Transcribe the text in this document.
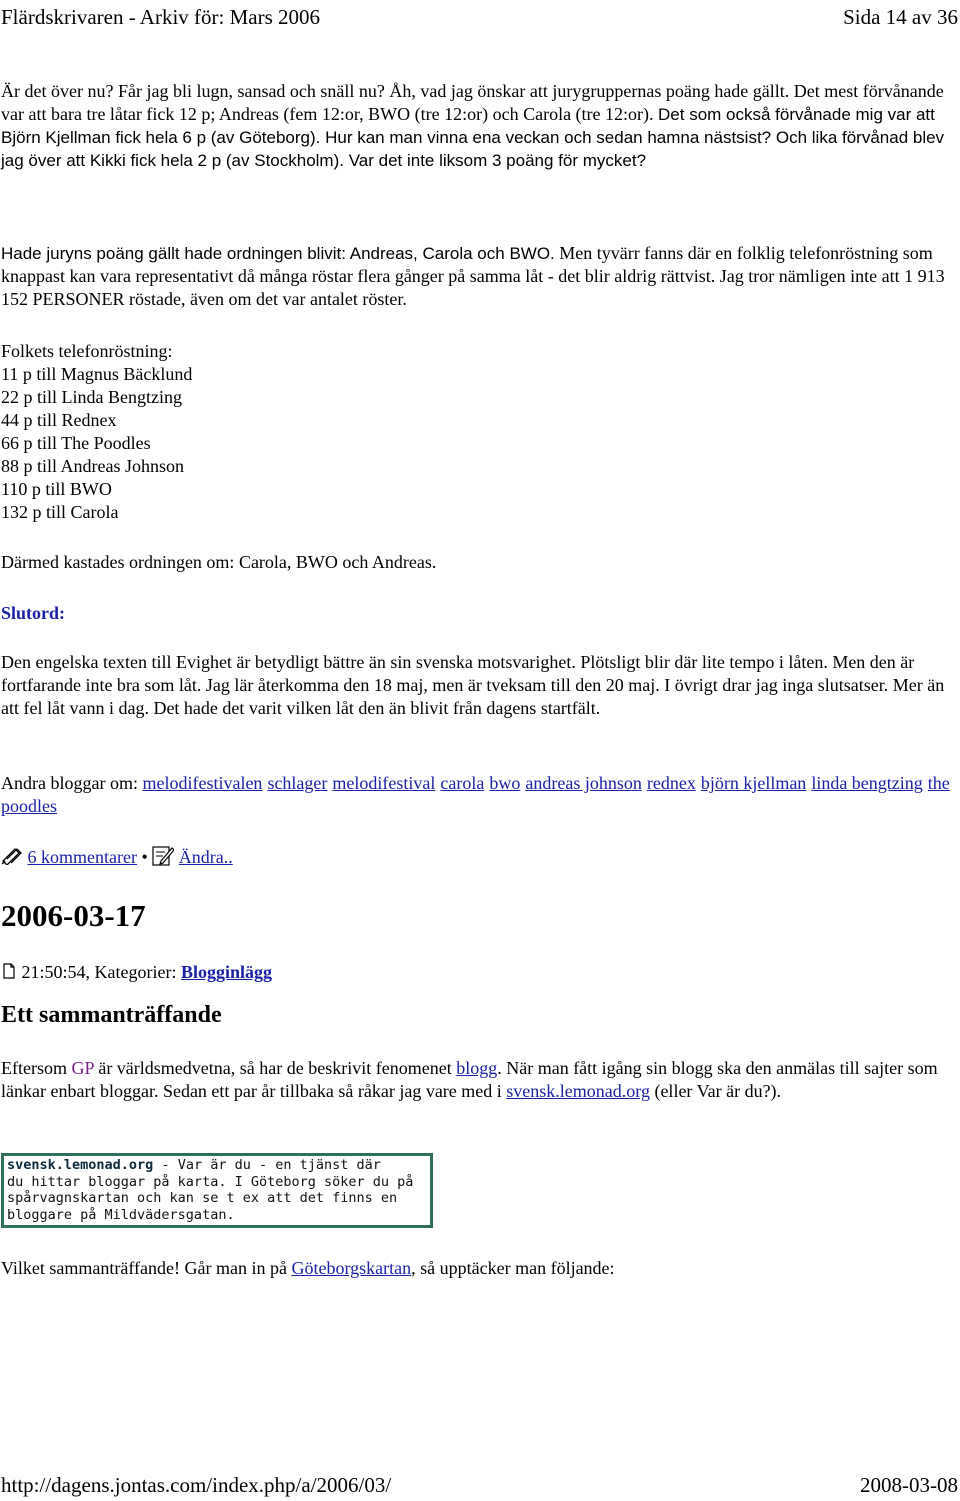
Flärdskrivaren - Arkiv för: Mars 2006	Sida 14 av 36

Är det över nu? Får jag bli lugn, sansad och snäll nu? Åh, vad jag önskar att jurygruppernas poäng hade gällt. Det mest förvånande var att bara tre låtar fick 12 p; Andreas (fem 12:or, BWO (tre 12:or) och Carola (tre 12:or). Det som också förvånade mig var att Björn Kjellman fick hela 6 p (av Göteborg). Hur kan man vinna ena veckan och sedan hamna nästsist? Och lika förvånad blev jag över att Kikki fick hela 2 p (av Stockholm). Var det inte liksom 3 poäng för mycket?

Hade juryns poäng gällt hade ordningen blivit: Andreas, Carola och BWO. Men tyvärr fanns där en folklig telefonröstning som knappast kan vara representativt då många röstar flera gånger på samma låt - det blir aldrig rättvist. Jag tror nämligen inte att 1 913 152 PERSONER röstade, även om det var antalet röster.

Folkets telefonröstning:
11 p till Magnus Bäcklund
22 p till Linda Bengtzing
44 p till Rednex
66 p till The Poodles
88 p till Andreas Johnson
110 p till BWO
132 p till Carola
Därmed kastades ordningen om: Carola, BWO och Andreas.
Slutord:

Den engelska texten till Evighet är betydligt bättre än sin svenska motsvarighet. Plötsligt blir där lite tempo i låten. Men den är fortfarande inte bra som låt. Jag lär återkomma den 18 maj, men är tveksam till den 20 maj. I övrigt drar jag inga slutsatser. Mer än att fel låt vann i dag. Det hade det varit vilken låt den än blivit från dagens startfält.

Andra bloggar om: melodifestivalen schlager melodifestival carola bwo andreas johnson rednex björn kjellman linda bengtzing the poodles

6 kommentarer • Ändra..
2006-03-17
21:50:54, Kategorier: Blogginlägg
Ett sammanträffande

Eftersom GP är världsmedvetna, så har de beskrivit fenomenet blogg. När man fått igång sin blogg ska den anmälas till sajter som länkar enbart bloggar. Sedan ett par år tillbaka så råkar jag vare med i svensk.lemonad.org (eller Var är du?).

svensk.lemonad.org - Var är du - en tjänst där
du hittar bloggar på karta. I Göteborg söker du på
spårvagnskartan och kan se t ex att det finns en
bloggare på Mildvädersgatan.

Vilket sammanträffande! Går man in på Göteborgskartan, så upptäcker man följande:

http://dagens.jontas.com/index.php/a/2006/03/	2008-03-08
